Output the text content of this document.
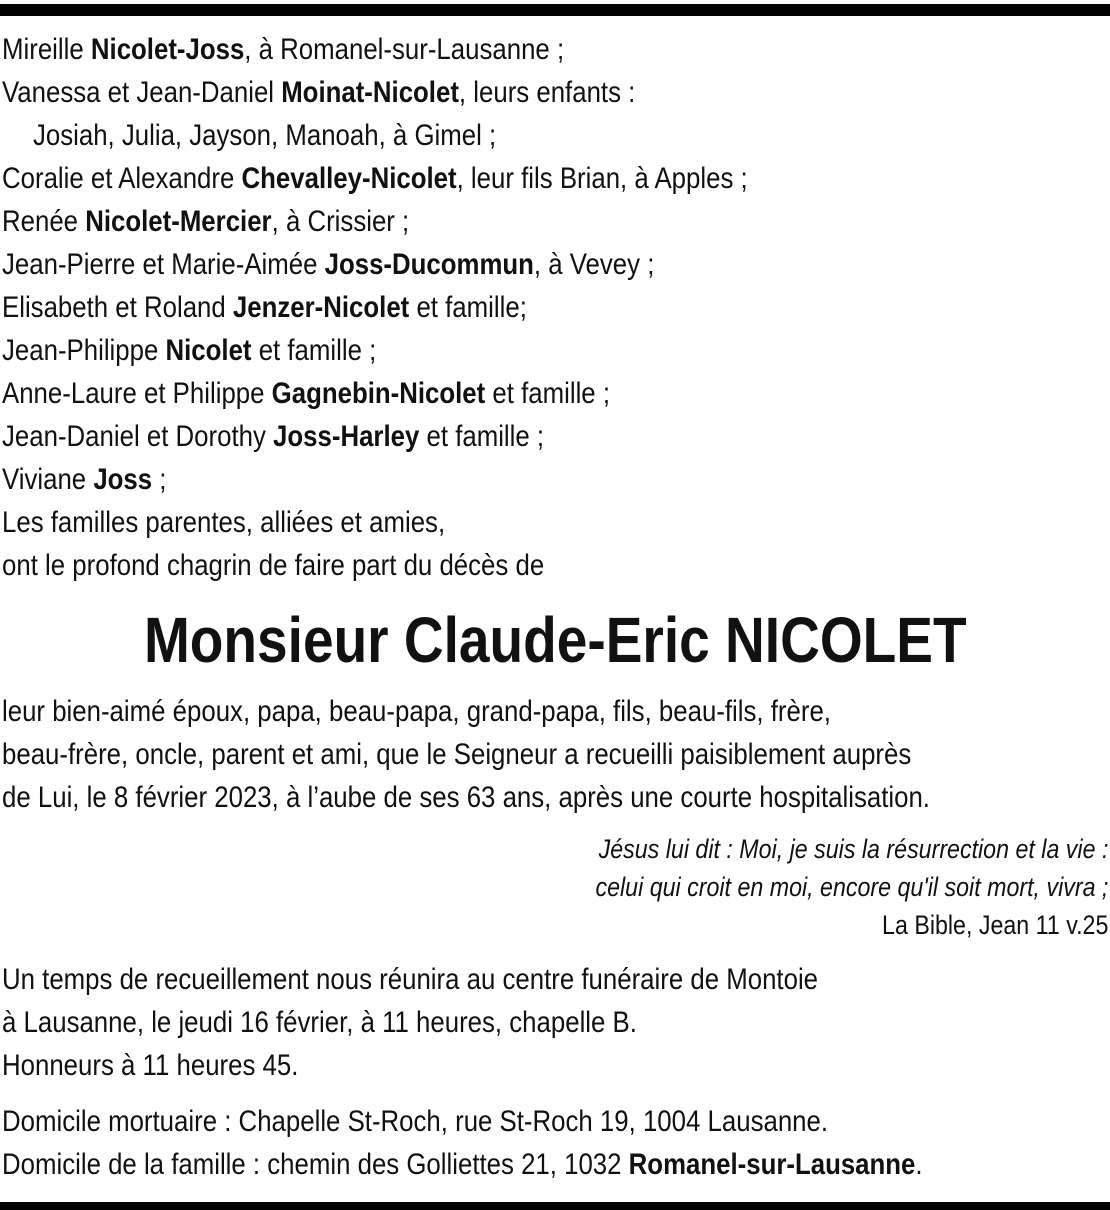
Mireille Nicolet-Joss, à Romanel-sur-Lausanne ;
Vanessa et Jean-Daniel Moinat-Nicolet, leurs enfants :
Josiah, Julia, Jayson, Manoah, à Gimel ;
Coralie et Alexandre Chevalley-Nicolet, leur fils Brian, à Apples ;
Renée Nicolet-Mercier, à Crissier ;
Jean-Pierre et Marie-Aimée Joss-Ducommun, à Vevey ;
Elisabeth et Roland Jenzer-Nicolet et famille;
Jean-Philippe Nicolet et famille ;
Anne-Laure et Philippe Gagnebin-Nicolet et famille ;
Jean-Daniel et Dorothy Joss-Harley et famille ;
Viviane Joss ;
Les familles parentes, alliées et amies,
ont le profond chagrin de faire part du décès de
Monsieur Claude-Eric NICOLET
leur bien-aimé époux, papa, beau-papa, grand-papa, fils, beau-fils, frère,
beau-frère, oncle, parent et ami, que le Seigneur a recueilli paisiblement auprès
de Lui, le 8 février 2023, à l’aube de ses 63 ans, après une courte hospitalisation.
Jésus lui dit : Moi, je suis la résurrection et la vie :
celui qui croit en moi, encore qu'il soit mort, vivra ;
La Bible, Jean 11 v.25
Un temps de recueillement nous réunira au centre funéraire de Montoie
à Lausanne, le jeudi 16 février, à 11 heures, chapelle B.
Honneurs à 11 heures 45.
Domicile mortuaire : Chapelle St-Roch, rue St-Roch 19, 1004 Lausanne.
Domicile de la famille : chemin des Golliettes 21, 1032 Romanel-sur-Lausanne.
